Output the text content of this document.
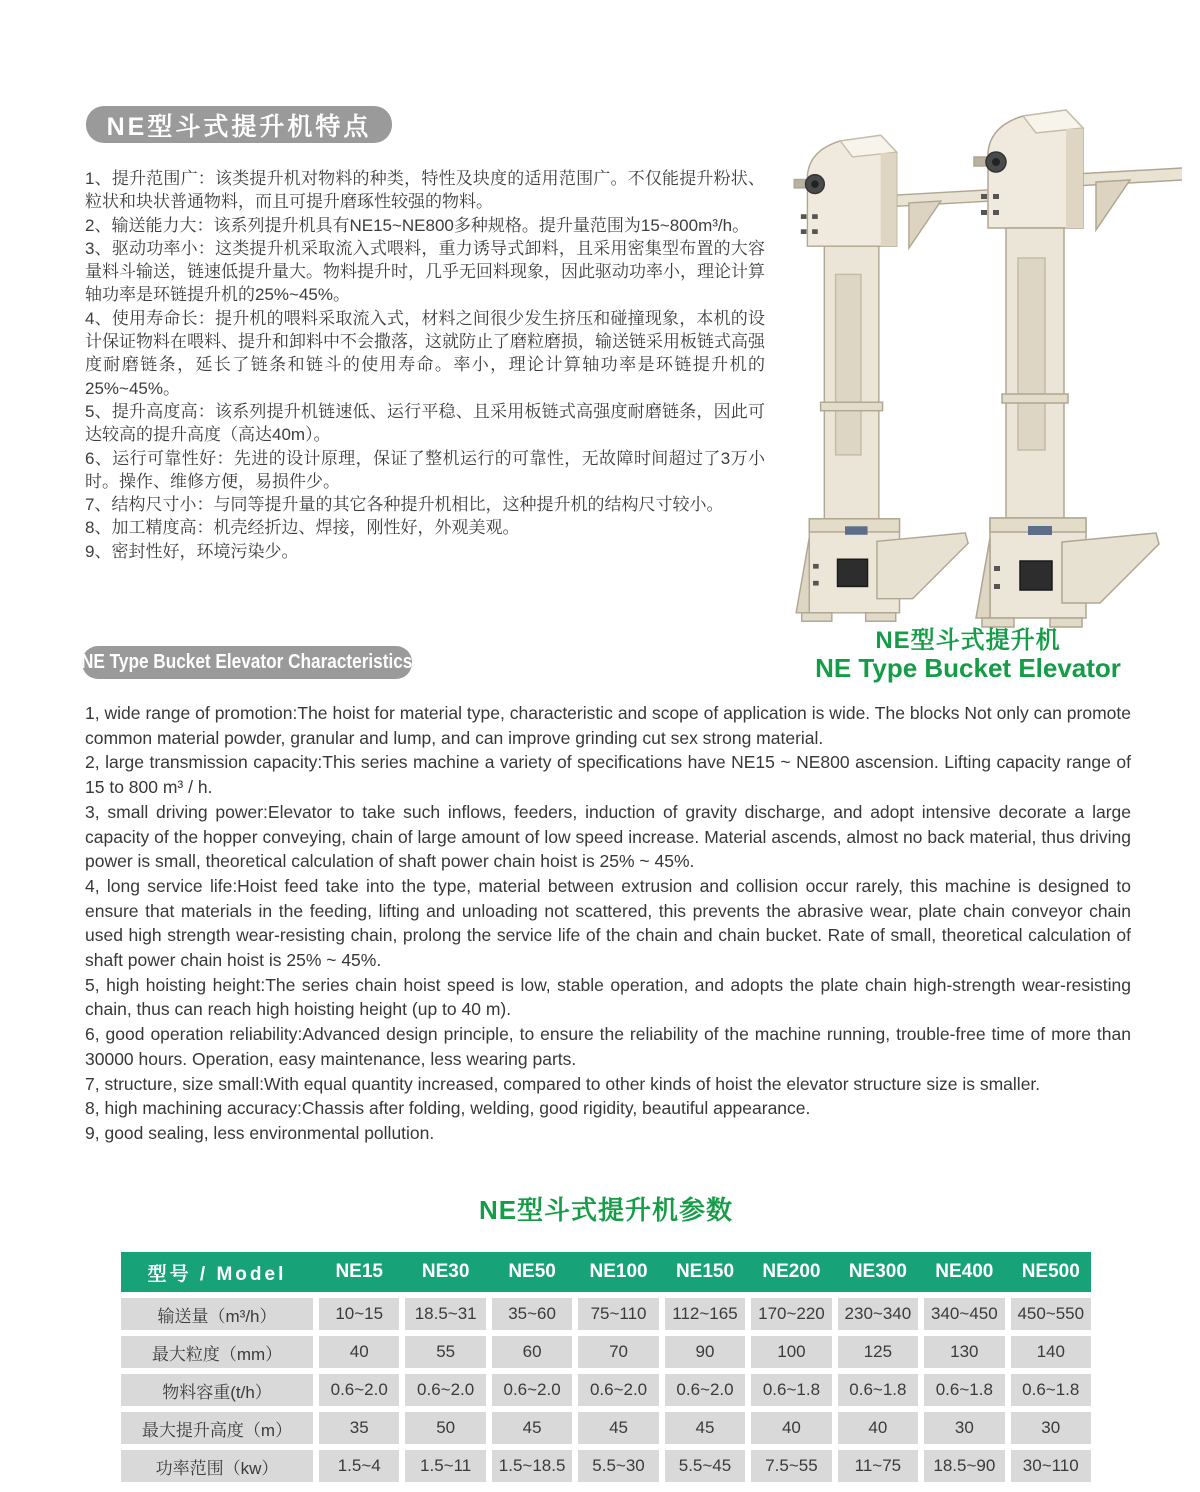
NE型斗式提升机特点

1、提升范围广：该类提升机对物料的种类，特性及块度的适用范围广。不仅能提升粉状、粒状和块状普通物料，而且可提升磨琢性较强的物料。

2、输送能力大：该系列提升机具有NE15~NE800多种规格。提升量范围为15~800m³/h。

3、驱动功率小：这类提升机采取流入式喂料，重力诱导式卸料，且采用密集型布置的大容量料斗输送，链速低提升量大。物料提升时，几乎无回料现象，因此驱动功率小，理论计算轴功率是环链提升机的25%~45%。

4、使用寿命长：提升机的喂料采取流入式，材料之间很少发生挤压和碰撞现象，本机的设计保证物料在喂料、提升和卸料中不会撒落，这就防止了磨粒磨损，输送链采用板链式高强度耐磨链条，延长了链条和链斗的使用寿命。率小，理论计算轴功率是环链提升机的25%~45%。

5、提升高度高：该系列提升机链速低、运行平稳、且采用板链式高强度耐磨链条，因此可达较高的提升高度（高达40m）。

6、运行可靠性好：先进的设计原理，保证了整机运行的可靠性，无故障时间超过了3万小时。操作、维修方便，易损件少。

7、结构尺寸小：与同等提升量的其它各种提升机相比，这种提升机的结构尺寸较小。

8、加工精度高：机壳经折边、焊接，刚性好，外观美观。

9、密封性好，环境污染少。

NE型斗式提升机
NE Type Bucket Elevator
NE Type Bucket Elevator Characteristics

1, wide range of promotion:The hoist for material type, characteristic and scope of application is wide. The blocks Not only can promote common material powder, granular and lump, and can improve grinding cut sex strong material.

2, large transmission capacity:This series machine a variety of specifications have NE15 ~ NE800 ascension. Lifting capacity range of 15 to 800 m³ / h.

3, small driving power:Elevator to take such inflows, feeders, induction of gravity discharge, and adopt intensive decorate a large capacity of the hopper conveying, chain of large amount of low speed increase. Material ascends, almost no back material, thus driving power is small, theoretical calculation of shaft power chain hoist is 25% ~ 45%.

4, long service life:Hoist feed take into the type, material between extrusion and collision occur rarely, this machine is designed to ensure that materials in the feeding, lifting and unloading not scattered, this prevents the abrasive wear, plate chain conveyor chain used high strength wear-resisting chain, prolong the service life of the chain and chain bucket. Rate of small, theoretical calculation of shaft power chain hoist is 25% ~ 45%.

5, high hoisting height:The series chain hoist speed is low, stable operation, and adopts the plate chain high-strength wear-resisting chain, thus can reach high hoisting height (up to 40 m).

6, good operation reliability:Advanced design principle, to ensure the reliability of the machine running, trouble-free time of more than 30000 hours. Operation, easy maintenance, less wearing parts.

7, structure, size small:With equal quantity increased, compared to other kinds of hoist the elevator structure size is smaller.

8, high machining accuracy:Chassis after folding, welding, good rigidity, beautiful appearance.

9, good sealing, less environmental pollution.

NE型斗式提升机参数
型号 / Model	NE15	NE30	NE50	NE100	NE150	NE200	NE300	NE400	NE500
输送量（m³/h）	10~15	18.5~31	35~60	75~110	112~165	170~220	230~340	340~450	450~550
最大粒度（mm）	40	55	60	70	90	100	125	130	140
物料容重(t/h）	0.6~2.0	0.6~2.0	0.6~2.0	0.6~2.0	0.6~2.0	0.6~1.8	0.6~1.8	0.6~1.8	0.6~1.8
最大提升高度（m）	35	50	45	45	45	40	40	30	30
功率范围（kw）	1.5~4	1.5~11	1.5~18.5	5.5~30	5.5~45	7.5~55	11~75	18.5~90	30~110
